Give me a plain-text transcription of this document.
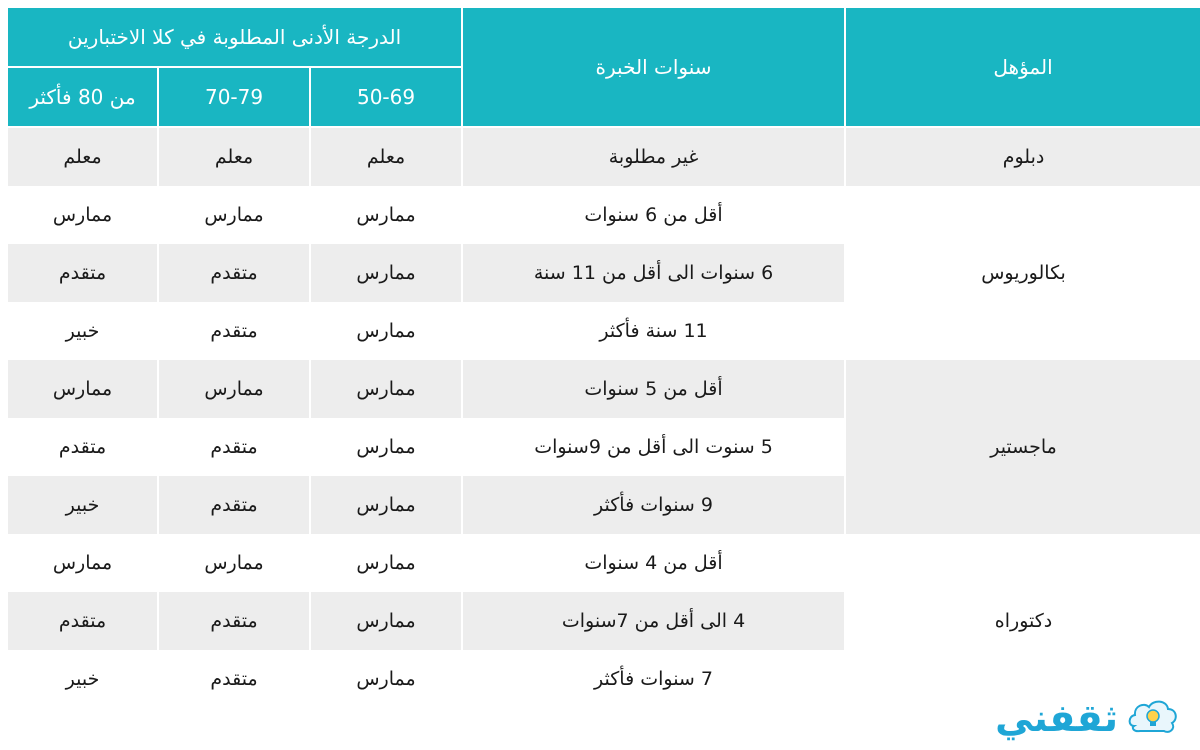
المؤهل	سنوات الخبرة	الدرجة الأدنى المطلوبة في كلا الاختبارين		
		50-69	70-79	من 80 فأكثر
دبلوم	غير مطلوبة	معلم	معلم	معلم
بكالوريوس	أقل من 6 سنوات	ممارس	ممارس	ممارس
	6 سنوات الى أقل من 11 سنة	ممارس	متقدم	متقدم
	11 سنة فأكثر	ممارس	متقدم	خبير
ماجستير	أقل من 5 سنوات	ممارس	ممارس	ممارس
	5 سنوت الى أقل من 9سنوات	ممارس	متقدم	متقدم
	9 سنوات فأكثر	ممارس	متقدم	خبير
دكتوراه	أقل من 4 سنوات	ممارس	ممارس	ممارس
	4 الى أقل من 7سنوات	ممارس	متقدم	متقدم
	7 سنوات فأكثر	ممارس	متقدم	خبير
ثقفني
